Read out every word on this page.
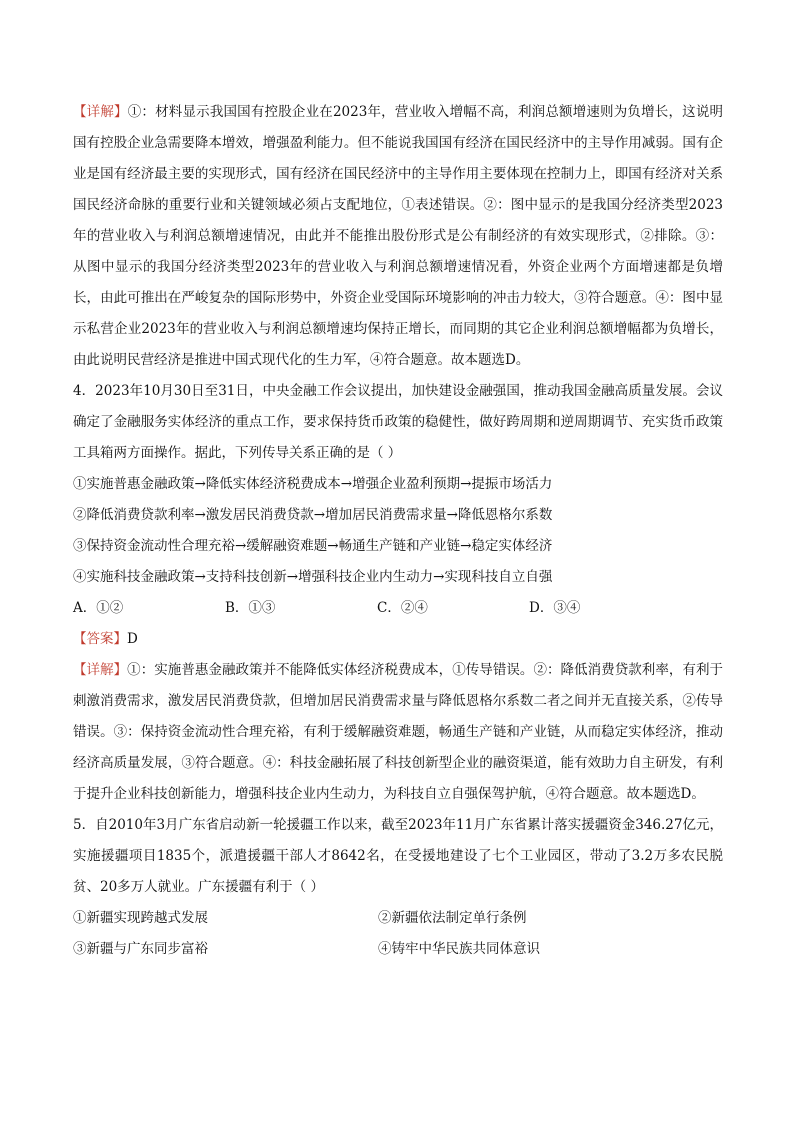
【详解】①：材料显示我国国有控股企业在2023年，营业收入增幅不高，利润总额增速则为负增长，这说明国有控股企业急需要降本增效，增强盈利能力。但不能说我国国有经济在国民经济中的主导作用减弱。国有企业是国有经济最主要的实现形式，国有经济在国民经济中的主导作用主要体现在控制力上，即国有经济对关系国民经济命脉的重要行业和关键领域必须占支配地位，①表述错误。②：图中显示的是我国分经济类型2023年的营业收入与利润总额增速情况，由此并不能推出股份形式是公有制经济的有效实现形式，②排除。③： 从图中显示的我国分经济类型2023年的营业收入与利润总额增速情况看，外资企业两个方面增速都是负增长，由此可推出在严峻复杂的国际形势中，外资企业受国际环境影响的冲击力较大，③符合题意。④：图中显示私营企业2023年的营业收入与利润总额增速均保持正增长，而同期的其它企业利润总额增幅都为负增长，由此说明民营经济是推进中国式现代化的生力军，④符合题意。故本题选D。

4．2023年10月30日至31日，中央金融工作会议提出，加快建设金融强国，推动我国金融高质量发展。会议确定了金融服务实体经济的重点工作，要求保持货币政策的稳健性，做好跨周期和逆周期调节、充实货币政策工具箱两方面操作。据此，下列传导关系正确的是（ ）

①实施普惠金融政策→降低实体经济税费成本→增强企业盈利预期→提振市场活力

②降低消费贷款利率→激发居民消费贷款→增加居民消费需求量→降低恩格尔系数

③保持资金流动性合理充裕→缓解融资难题→畅通生产链和产业链→稳定实体经济

④实施科技金融政策→支持科技创新→增强科技企业内生动力→实现科技自立自强

A．①②	B．①③	C．②④	D．③④

【答案】D

【详解】①：实施普惠金融政策并不能降低实体经济税费成本，①传导错误。②：降低消费贷款利率，有利于刺激消费需求，激发居民消费贷款，但增加居民消费需求量与降低恩格尔系数二者之间并无直接关系，②传导错误。③：保持资金流动性合理充裕，有利于缓解融资难题，畅通生产链和产业链，从而稳定实体经济，推动经济高质量发展，③符合题意。④：科技金融拓展了科技创新型企业的融资渠道，能有效助力自主研发，有利于提升企业科技创新能力，增强科技企业内生动力，为科技自立自强保驾护航，④符合题意。故本题选D。

5．自2010年3月广东省启动新一轮援疆工作以来，截至2023年11月广东省累计落实援疆资金346.27亿元，实施援疆项目1835个，派遣援疆干部人才8642名，在受援地建设了七个工业园区，带动了3.2万多农民脱贫、20多万人就业。广东援疆有利于（ ）

①新疆实现跨越式发展	②新疆依法制定单行条例
③新疆与广东同步富裕	④铸牢中华民族共同体意识
